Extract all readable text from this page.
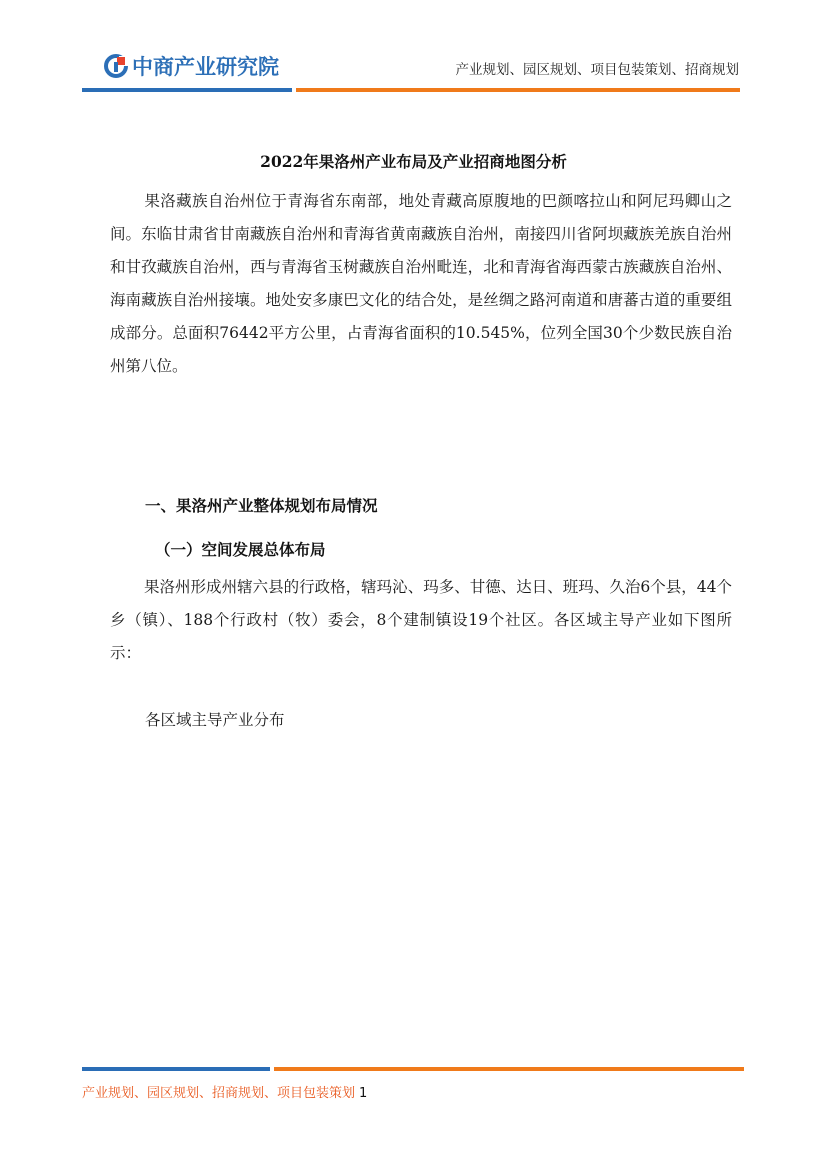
中商产业研究院	产业规划、园区规划、项目包装策划、招商规划
2022年果洛州产业布局及产业招商地图分析
果洛藏族自治州位于青海省东南部，地处青藏高原腹地的巴颜喀拉山和阿尼玛卿山之间。东临甘肃省甘南藏族自治州和青海省黄南藏族自治州，南接四川省阿坝藏族羌族自治州和甘孜藏族自治州，西与青海省玉树藏族自治州毗连，北和青海省海西蒙古族藏族自治州、海南藏族自治州接壤。地处安多康巴文化的结合处，是丝绸之路河南道和唐蕃古道的重要组成部分。总面积76442平方公里，占青海省面积的10.545%，位列全国30个少数民族自治州第八位。
一、果洛州产业整体规划布局情况
（一）空间发展总体布局
果洛州形成州辖六县的行政格，辖玛沁、玛多、甘德、达日、班玛、久治6个县，44个乡（镇）、188个行政村（牧）委会，8个建制镇设19个社区。各区域主导产业如下图所示：
各区域主导产业分布
产业规划、园区规划、招商规划、项目包装策划 1
